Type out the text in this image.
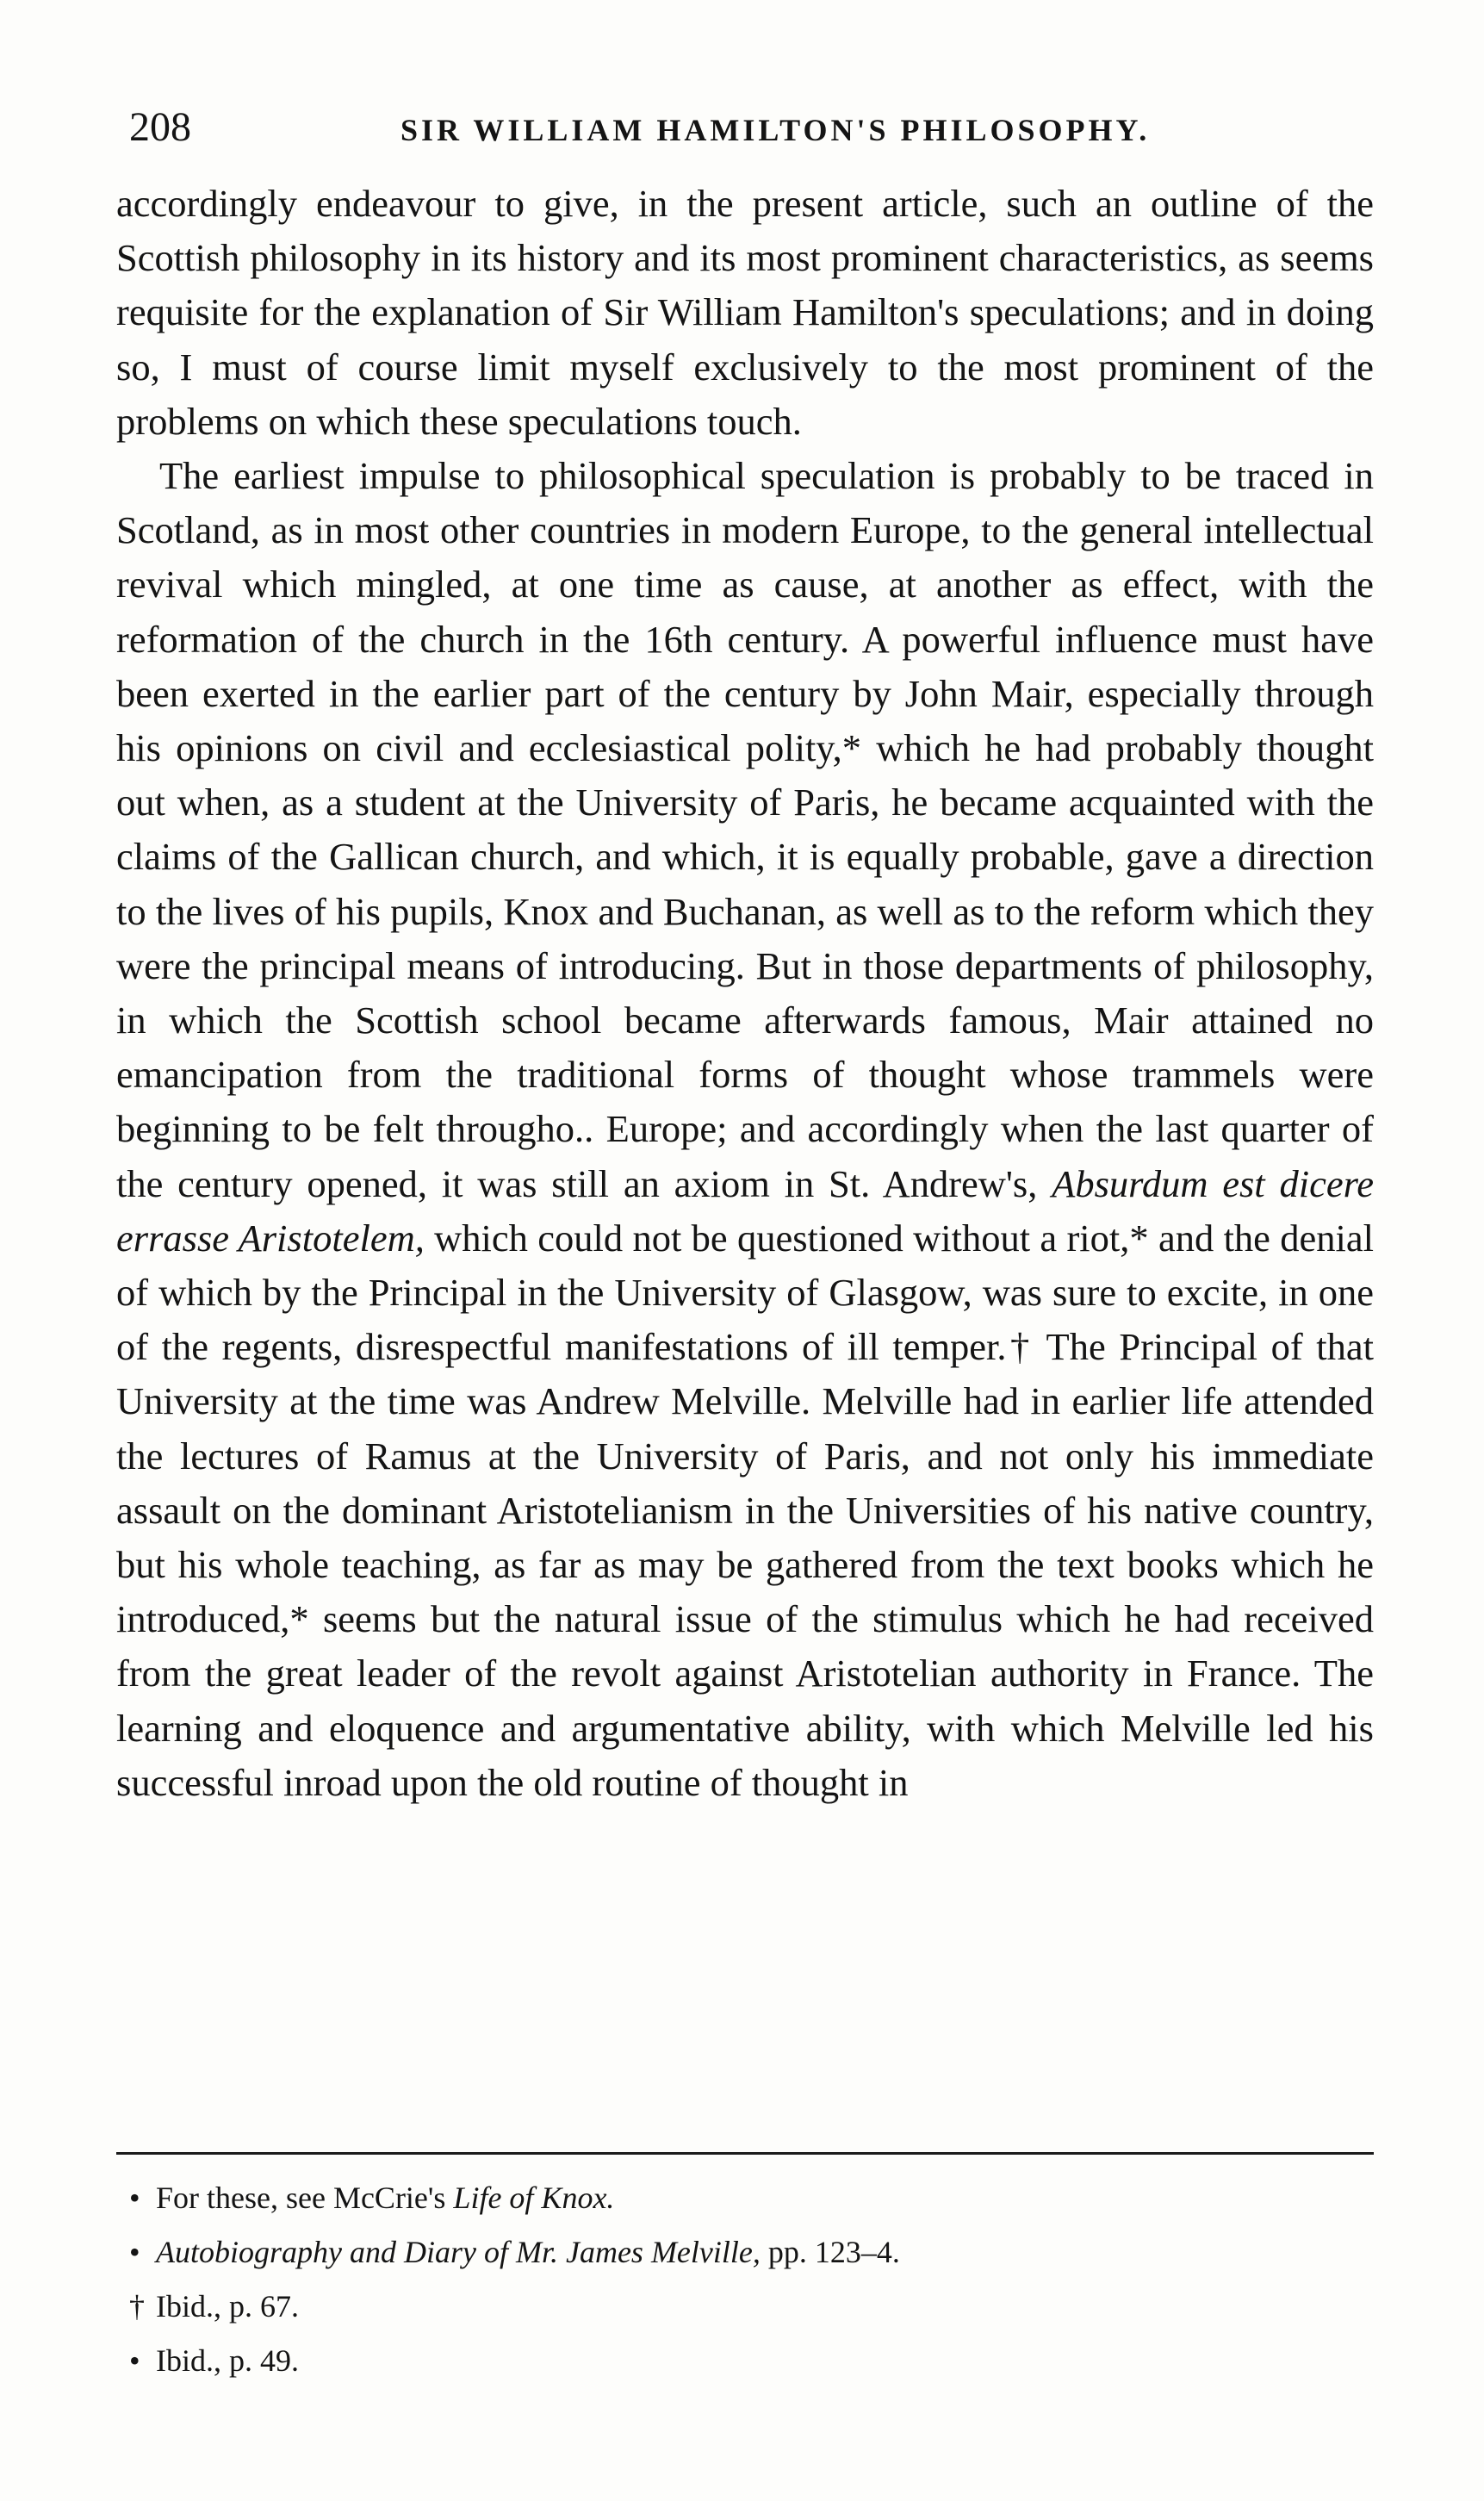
208	SIR WILLIAM HAMILTON'S PHILOSOPHY.

accordingly endeavour to give, in the present article, such an outline of the Scottish philosophy in its history and its most prominent characteristics, as seems requisite for the explanation of Sir William Hamilton's speculations; and in doing so, I must of course limit myself exclusively to the most prominent of the problems on which these speculations touch.

The earliest impulse to philosophical speculation is probably to be traced in Scotland, as in most other countries in modern Europe, to the general intellectual revival which mingled, at one time as cause, at another as effect, with the reformation of the church in the 16th century. A powerful influence must have been exerted in the earlier part of the century by John Mair, especially through his opinions on civil and ecclesiastical polity,* which he had probably thought out when, as a student at the University of Paris, he became acquainted with the claims of the Gallican church, and which, it is equally probable, gave a direction to the lives of his pupils, Knox and Buchanan, as well as to the reform which they were the principal means of introducing. But in those departments of philosophy, in which the Scottish school became afterwards famous, Mair attained no emancipation from the traditional forms of thought whose trammels were beginning to be felt througho.. Europe; and accordingly when the last quarter of the century opened, it was still an axiom in St. Andrew's, Absurdum est dicere errasse Aristotelem, which could not be questioned without a riot,* and the denial of which by the Principal in the University of Glasgow, was sure to excite, in one of the regents, disrespectful manifestations of ill temper.† The Principal of that University at the time was Andrew Melville. Melville had in earlier life attended the lectures of Ramus at the University of Paris, and not only his immediate assault on the dominant Aristotelianism in the Universities of his native country, but his whole teaching, as far as may be gathered from the text books which he introduced,* seems but the natural issue of the stimulus which he had received from the great leader of the revolt against Aristotelian authority in France. The learning and eloquence and argumentative ability, with which Melville led his successful inroad upon the old routine of thought in

• For these, see McCrie's Life of Knox.
• Autobiography and Diary of Mr. James Melville, pp. 123–4.
† Ibid., p. 67.
• Ibid., p. 49.
